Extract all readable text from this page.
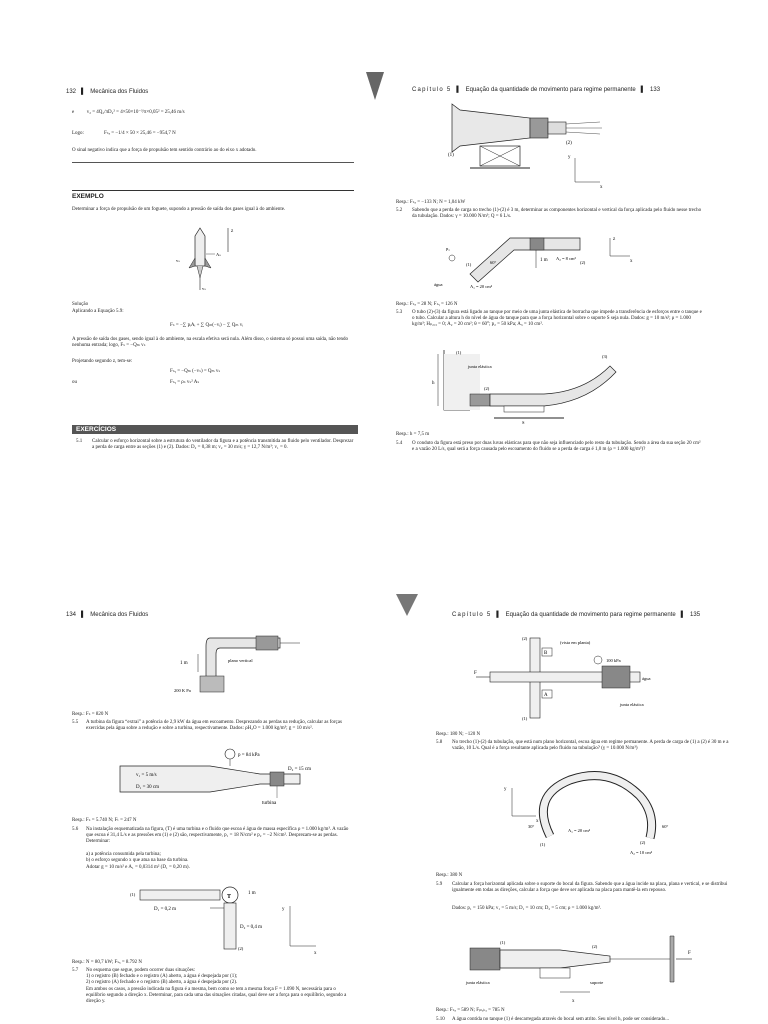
132 ▌ Mecânica dos Fluidos
e          v₂ = 4Q₂/πD₂² = 4×50×10⁻³/π×0,05² = 25,46 m/s
Logo:                Fₛₓ = −1/4 × 50 × 25,46 = −954,7 N
O sinal negativo indica que a força de propulsão tem sentido contrário ao do eixo x adotado.
EXEMPLO
Determinar a força de propulsão de um foguete, supondo a pressão de saída dos gases igual à do ambiente.
z
vₛ
vₛ
Aₛ
Solução
Aplicando a Equação 5.9:
Fₛ = −∑ pᵢAᵢ + ∑ Qₘ(−vᵢ) − ∑ Qₘ vᵢ
A pressão de saída dos gases, sendo igual à do ambiente, na escala efetiva será nula. Além disso, o sistema só possui uma saída, não tendo nenhuma entrada; logo, Fₛ = −Qₘ vₛ
Projetando segundo z, tem-se:
Fₛᵧ = −Qₘ (−vₛ) = Qₘ vₛ
ou	Fₛᵧ = ρₛ vₛ² Aₛ
EXERCÍCIOS
5.1 Calcular o esforço horizontal sobre a estrutura do ventilador da figura e a potência transmitida ao fluido pelo ventilador. Desprezar a perda de carga entre as seções (1) e (2). Dados: D₂ = 0,38 m; v₂ = 30 m/s; γ = 12,7 N/m³; v₁ = 0.
Capítulo 5 ▌ Equação da quantidade de movimento para regime permanente ▌ 133
(1)
(2)
y
x
Resp.: Fₛₓ = −133 N; N = 1,04 kW
5.2 Sabendo que a perda de carga no trecho (1)-(2) é 3 m, determinar as componentes horizontal e vertical da força aplicada pelo fluido nesse trecho da tubulação. Dados: γ = 10.000 N/m³; Q = 6 L/s.
1 m
z
x
p₁
60°
(1)	(2)
água	A₁ = 20 cm²
A₂ = 8 cm²
Resp.: Fₛₓ = 28 N; Fₛᵧ = 126 N
5.3 O tubo (2)-(3) da figura está ligado ao tanque por meio de uma junta elástica de borracha que impede a transferência de esforços entre o tanque e o tubo. Calcular a altura h do nível de água do tanque para que a força horizontal sobre o suporte S seja nula. Dados: g = 10 m/s²; ρ = 1.000 kg/m³; Hₚ₂,₃ = 0; A₂ = 20 cm²; θ = 60°; p₂ = 50 kPa; A₃ = 10 cm².
h
(1)
S
(2)
(3)
junta elástica
Resp.: h = 7,5 m
5.4 O conduto da figura está preso por duas luvas elásticas para que não seja influenciado pelo resto da tubulação. Sendo a área da sua seção 20 cm² e a vazão 20 L/s, qual será a força causada pelo escoamento do fluido se a perda de carga é 1,0 m (ρ = 1.000 kg/m³)?
134 ▌ Mecânica dos Fluidos
1 m
plano vertical
200 K Pa
Resp.: Fₛ = 820 N
5.5 A turbina da figura “extrai” a potência de 2,9 kW da água em escoamento. Desprezando as perdas na redução, calcular as forças exercidas pela água sobre a redução e sobre a turbina, respectivamente. Dados: ρH₂O = 1.000 kg/m³; g = 10 m/s².
p = 84 kPa
v₁ = 5 m/s
D₁ = 30 cm
D₂ = 15 cm
turbina
Resp.: Fₛ = 5.740 N; Fₜ = 247 N
5.6 Na instalação esquematizada na figura, (T) é uma turbina e o fluido que escoa é água de massa específica ρ = 1.000 kg/m³. A vazão que escoa é 31,4 L/s e as pressões em (1) e (2) são, respectivamente, p₁ = 18 N/cm² e p₂ = −2 N/cm². Desprezam-se as perdas. Determinar:
a) a potência consumida pela turbina;
b) o esforço segundo x que atua na base da turbina.
Adotar g = 10 m/s² e A₁ = 0,0314 m² (D₁ = 0,20 m).
T
D₁ = 0,2 m
D₂ = 0,4 m
1 m
(1)
(2)
y
x
Resp.: N = 80,7 kW; Fₛₓ = 8.792 N
5.7 No esquema que segue, podem ocorrer duas situações:
1) o registro (B) fechado e o registro (A) aberto, a água é despejada por (1);
2) o registro (A) fechado e o registro (B) aberto, a água é despejada por (2).
Em ambos os casos, a pressão indicada na figura é a mesma, bem como se tem a mesma força F = 1.090 N, necessária para o equilíbrio segundo a direção x. Determinar, para cada uma das situações citadas, qual deve ser a força para o equilíbrio, segundo a direção y.
Capítulo 5 ▌ Equação da quantidade de movimento para regime permanente ▌ 135
B
A
F
(2)
(1)
(vista em planta)
100 kPa
água
junta elástica
Resp.: 180 N; −120 N
5.8 No trecho (1)-(2) da tubulação, que está num plano horizontal, escoa água em regime permanente. A perda de carga de (1) a (2) é 30 m e a vazão, 10 L/s. Qual é a força resultante aplicada pelo fluido na tubulação? (γ = 10.000 N/m³)
y
x
30°	60°
A₁ = 20 cm²
A₂ = 10 cm²
(1)	(2)
Resp.: 380 N
5.9 Calcular a força horizontal aplicada sobre o suporte do bocal da figura. Sabendo que a água incide na placa, plana e vertical, e se distribui igualmente em todas as direções, calcular a força que deve ser aplicada na placa para mantê-la em repouso.
Dados: p₁ = 150 kPa; v₁ = 5 m/s; D₁ = 10 cm; D₂ = 5 cm; ρ = 1.000 kg/m³.
F
junta elástica	suporte
(1)
(2)
x
Resp.: Fₛₓ = 589 N; Fₚₗₐₖₐ = 785 N
5.10 A água contida no tanque (1) é descarregada através do bocal sem atrito. Seu nível h, pode ser considerado...
